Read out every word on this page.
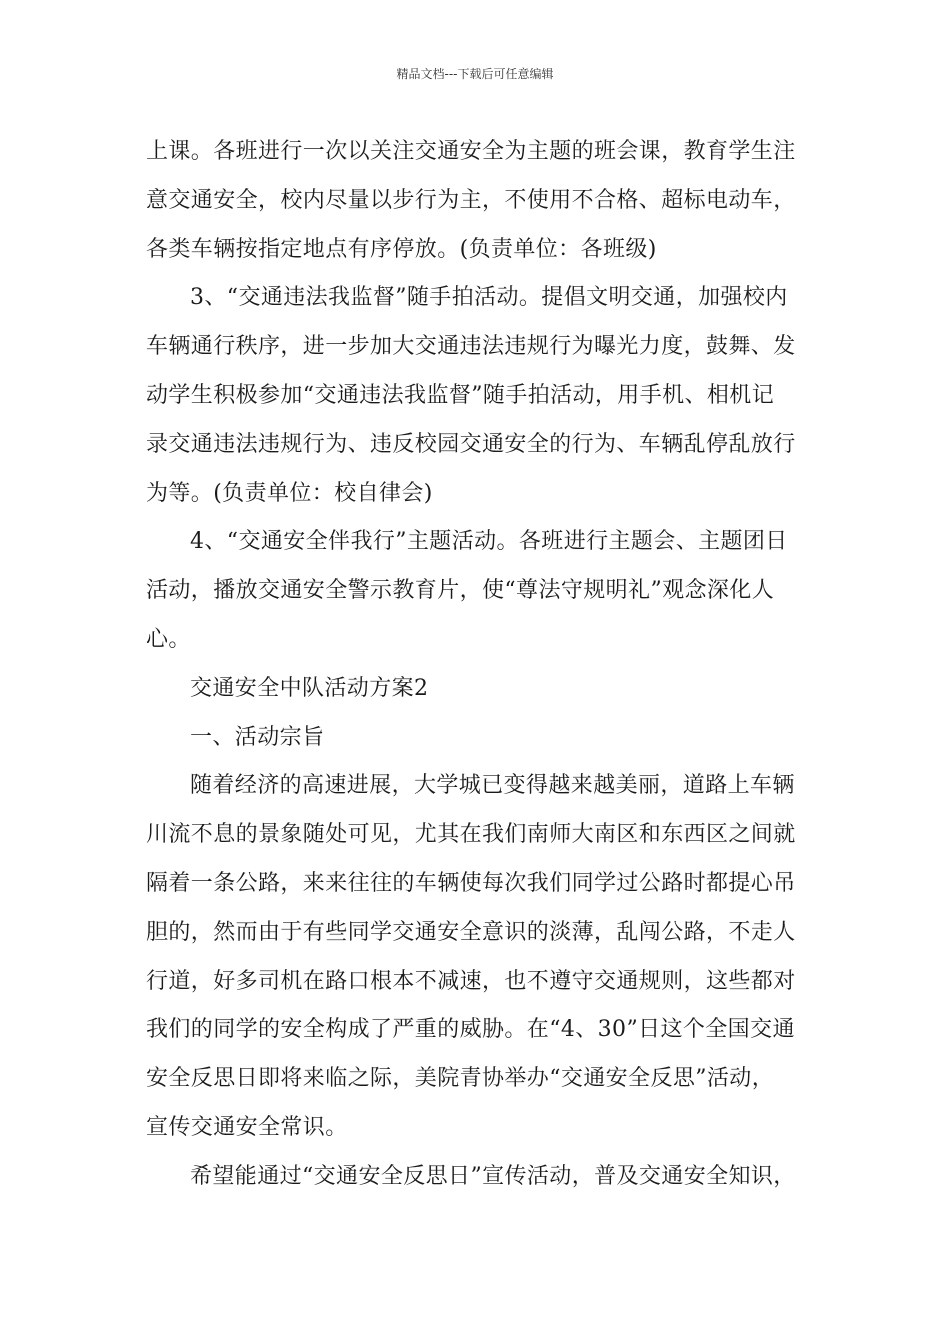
精品文档---下载后可任意编辑

上课。各班进行一次以关注交通安全为主题的班会课，教育学生注
意交通安全，校内尽量以步行为主，不使用不合格、超标电动车，
各类车辆按指定地点有序停放。(负责单位：各班级)

3、“交通违法我监督”随手拍活动。提倡文明交通，加强校内
车辆通行秩序，进一步加大交通违法违规行为曝光力度，鼓舞、发
动学生积极参加“交通违法我监督”随手拍活动，用手机、相机记
录交通违法违规行为、违反校园交通安全的行为、车辆乱停乱放行
为等。(负责单位：校自律会)

4、“交通安全伴我行”主题活动。各班进行主题会、主题团日
活动，播放交通安全警示教育片，使“尊法守规明礼”观念深化人
心。

交通安全中队活动方案2

一、活动宗旨

随着经济的高速进展，大学城已变得越来越美丽，道路上车辆
川流不息的景象随处可见，尤其在我们南师大南区和东西区之间就
隔着一条公路，来来往往的车辆使每次我们同学过公路时都提心吊
胆的，然而由于有些同学交通安全意识的淡薄，乱闯公路，不走人
行道，好多司机在路口根本不减速，也不遵守交通规则，这些都对
我们的同学的安全构成了严重的威胁。在“4、30”日这个全国交通
安全反思日即将来临之际，美院青协举办“交通安全反思”活动，
宣传交通安全常识。

希望能通过“交通安全反思日”宣传活动，普及交通安全知识，
